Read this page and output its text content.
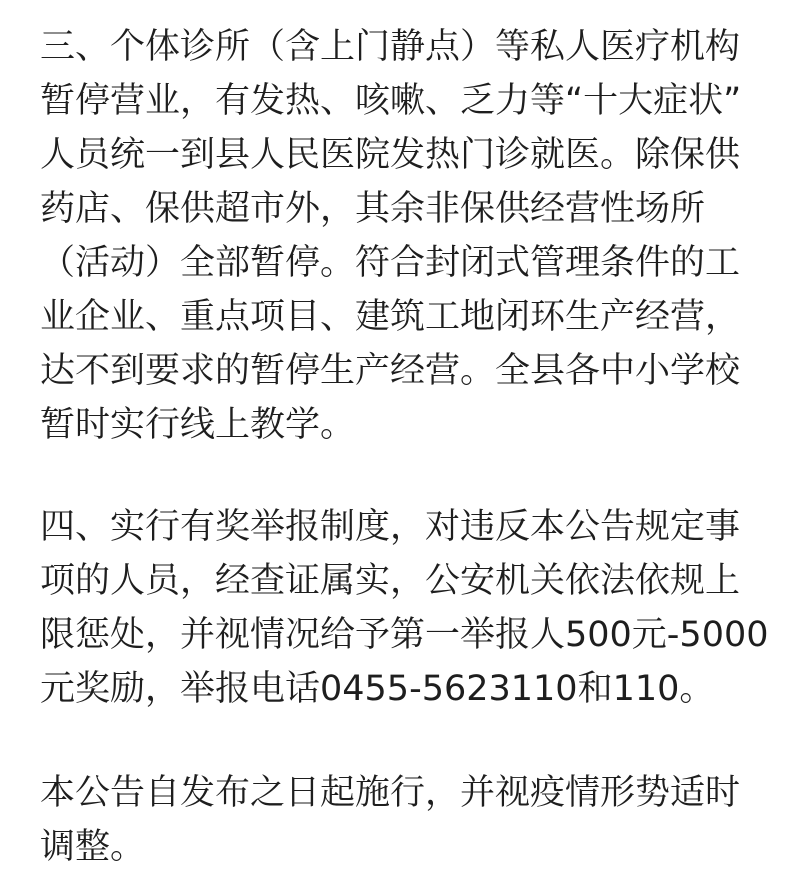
三、个体诊所（含上门静点）等私人医疗机构
暂停营业，有发热、咳嗽、乏力等“十大症状”
人员统一到县人民医院发热门诊就医。除保供
药店、保供超市外，其余非保供经营性场所
（活动）全部暂停。符合封闭式管理条件的工
业企业、重点项目、建筑工地闭环生产经营，
达不到要求的暂停生产经营。全县各中小学校
暂时实行线上教学。
四、实行有奖举报制度，对违反本公告规定事
项的人员，经查证属实，公安机关依法依规上
限惩处，并视情况给予第一举报人500元-5000
元奖励，举报电话0455-5623110和110。
本公告自发布之日起施行，并视疫情形势适时
调整。
